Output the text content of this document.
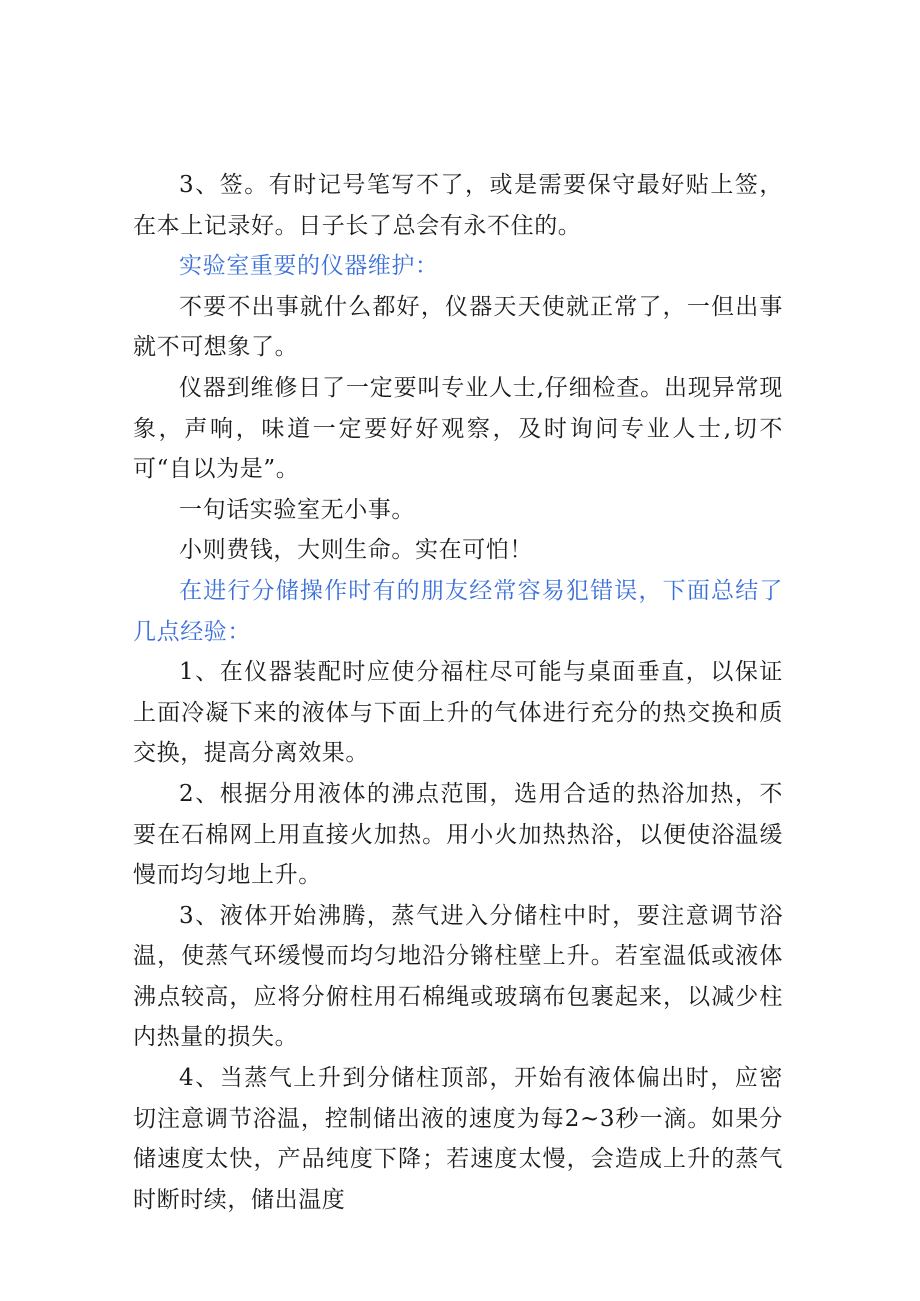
3、签。有时记号笔写不了，或是需要保守最好贴上签，在本上记录好。日子长了总会有永不住的。

实验室重要的仪器维护：

不要不出事就什么都好，仪器天天使就正常了，一但出事就不可想象了。

仪器到维修日了一定要叫专业人士,仔细检查。出现异常现象，声响，味道一定要好好观察，及时询问专业人士,切不可“自以为是”。

一句话实验室无小事。

小则费钱，大则生命。实在可怕！

在进行分储操作时有的朋友经常容易犯错误，下面总结了几点经验：

1、在仪器装配时应使分福柱尽可能与桌面垂直，以保证上面冷凝下来的液体与下面上升的气体进行充分的热交换和质交换，提高分离效果。

2、根据分用液体的沸点范围，选用合适的热浴加热，不要在石棉网上用直接火加热。用小火加热热浴，以便使浴温缓慢而均匀地上升。

3、液体开始沸腾，蒸气进入分储柱中时，要注意调节浴温，使蒸气环缓慢而均匀地沿分锵柱壁上升。若室温低或液体沸点较高，应将分俯柱用石棉绳或玻璃布包裹起来，以减少柱内热量的损失。

4、当蒸气上升到分储柱顶部，开始有液体偏出时，应密切注意调节浴温，控制储出液的速度为每2~3秒一滴。如果分储速度太快，产品纯度下降；若速度太慢，会造成上升的蒸气时断时续，储出温度
